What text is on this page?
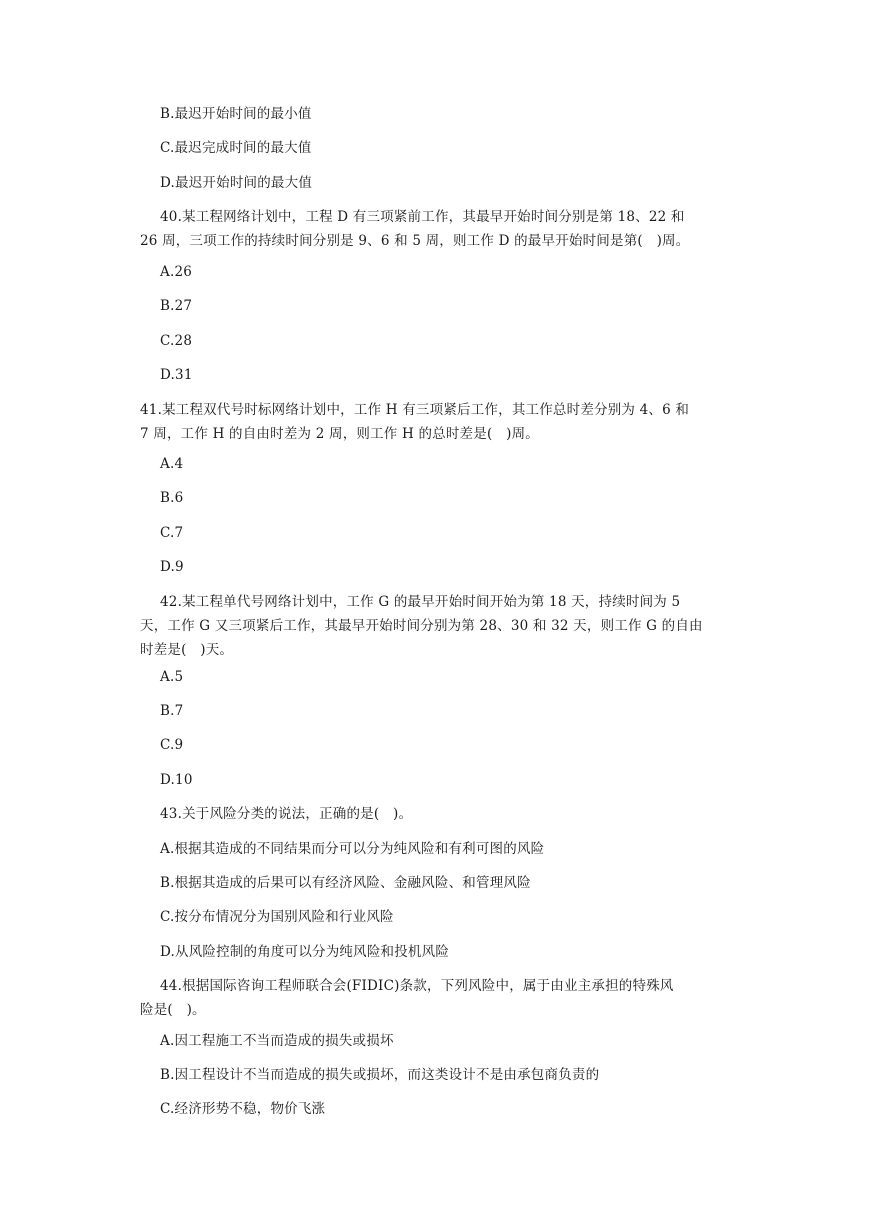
B.最迟开始时间的最小值
C.最迟完成时间的最大值
D.最迟开始时间的最大值
40.某工程网络计划中，工程 D 有三项紧前工作，其最早开始时间分别是第 18、22 和
26 周，三项工作的持续时间分别是 9、6 和 5 周，则工作 D 的最早开始时间是第(　)周。
A.26
B.27
C.28
D.31
41.某工程双代号时标网络计划中，工作 H 有三项紧后工作，其工作总时差分别为 4、6 和
7 周，工作 H 的自由时差为 2 周，则工作 H 的总时差是(　)周。
A.4
B.6
C.7
D.9
42.某工程单代号网络计划中，工作 G 的最早开始时间开始为第 18 天，持续时间为 5
天，工作 G 又三项紧后工作，其最早开始时间分别为第 28、30 和 32 天，则工作 G 的自由
时差是(　)天。
A.5
B.7
C.9
D.10
43.关于风险分类的说法，正确的是(　)。
A.根据其造成的不同结果而分可以分为纯风险和有利可图的风险
B.根据其造成的后果可以有经济风险、金融风险、和管理风险
C.按分布情况分为国别风险和行业风险
D.从风险控制的角度可以分为纯风险和投机风险
44.根据国际咨询工程师联合会(FIDIC)条款，下列风险中，属于由业主承担的特殊风
险是(　)。
A.因工程施工不当而造成的损失或损坏
B.因工程设计不当而造成的损失或损坏，而这类设计不是由承包商负责的
C.经济形势不稳，物价飞涨
